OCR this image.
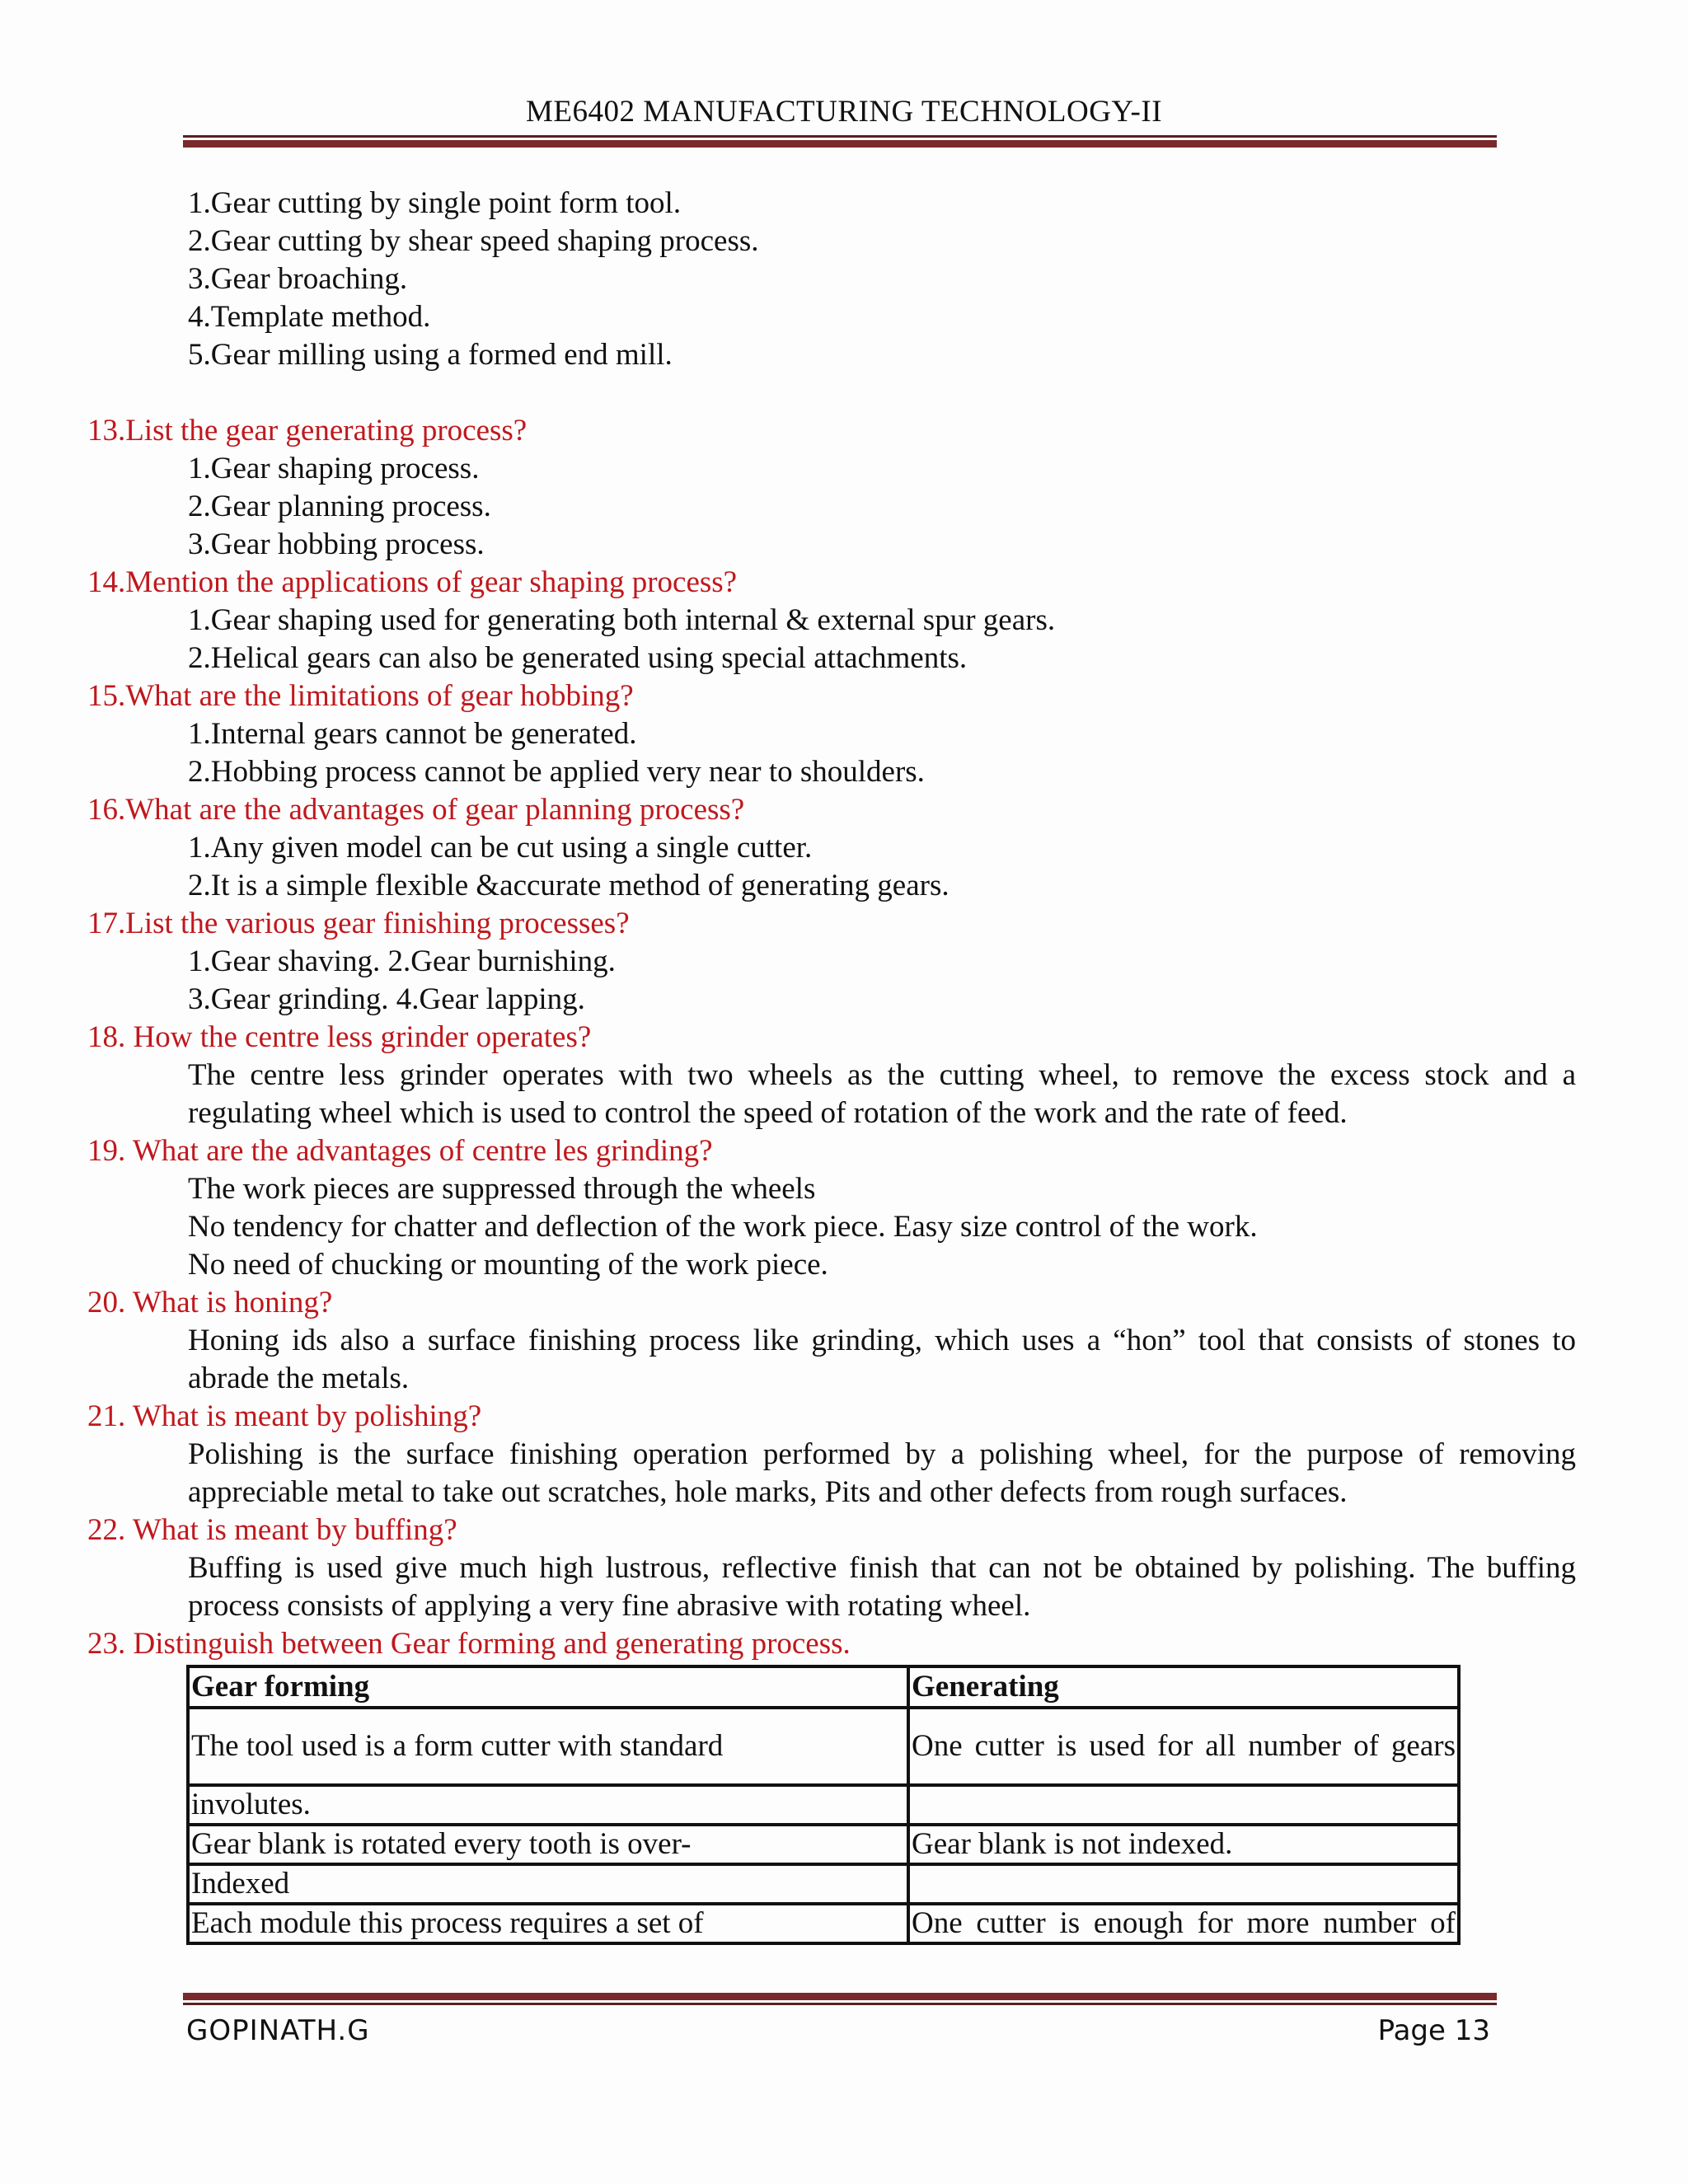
ME6402 MANUFACTURING TECHNOLOGY-II
1.Gear cutting by single point form tool.
2.Gear cutting by shear speed shaping process.
3.Gear broaching.
4.Template method.
5.Gear milling using a formed end mill.
13.List the gear generating process?
1.Gear shaping process.
2.Gear planning process.
3.Gear hobbing process.
14.Mention the applications of gear shaping process?
1.Gear shaping used for generating both internal & external spur gears.
2.Helical gears can also be generated using special attachments.
15.What are the limitations of gear hobbing?
1.Internal gears cannot be generated.
2.Hobbing process cannot be applied very near to shoulders.
16.What are the advantages of gear planning process?
1.Any given model can be cut using a single cutter.
2.It is a simple flexible &accurate method of generating gears.
17.List the various gear finishing processes?
1.Gear shaving. 2.Gear burnishing.
3.Gear grinding. 4.Gear lapping.
18. How the centre less grinder operates?
The centre less grinder operates with two wheels as the cutting wheel, to remove the excess stock and a regulating wheel which is used to control the speed of rotation of the work and the rate of feed.
19. What are the advantages of centre les grinding?
The work pieces are suppressed through the wheels
No tendency for chatter and deflection of the work piece. Easy size control of the work.
No need of chucking or mounting of the work piece.
20. What is honing?
Honing ids also a surface finishing process like grinding, which uses a “hon” tool that consists of stones to abrade the metals.
21. What is meant by polishing?
Polishing is the surface finishing operation performed by a polishing wheel, for the purpose of removing appreciable metal to take out scratches, hole marks, Pits and other defects from rough surfaces.
22. What is meant by buffing?
Buffing is used give much high lustrous, reflective finish that can not be obtained by polishing. The buffing process consists of applying a very fine abrasive with rotating wheel.
23. Distinguish between Gear forming and generating process.
Gear forming	Generating
The tool used is a form cutter with standard	One cutter is used for all number of gears
involutes.	
Gear blank is rotated every tooth is over-	Gear blank is not indexed.
Indexed	
Each module this process requires a set of	One cutter is enough for more number of
GOPINATH.G	Page 13
